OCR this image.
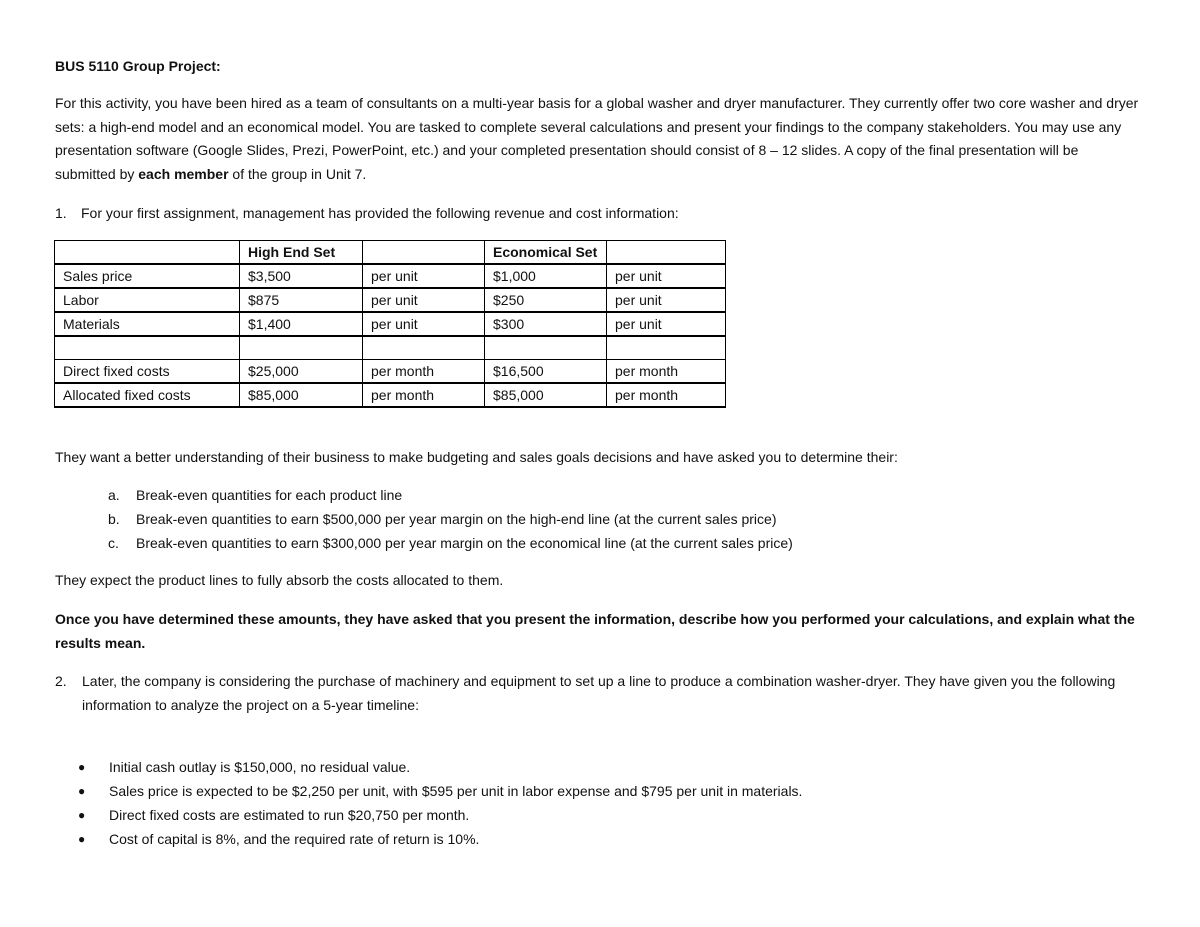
BUS 5110 Group Project:

For this activity, you have been hired as a team of consultants on a multi-year basis for a global washer and dryer manufacturer. They currently offer two core washer and dryer sets: a high-end model and an economical model. You are tasked to complete several calculations and present your findings to the company stakeholders. You may use any presentation software (Google Slides, Prezi, PowerPoint, etc.) and your completed presentation should consist of 8 – 12 slides. A copy of the final presentation will be submitted by each member of the group in Unit 7.

1. For your first assignment, management has provided the following revenue and cost information:
	High End Set		Economical Set	
Sales price	$3,500	per unit	$1,000	per unit
Labor	$875	per unit	$250	per unit
Materials	$1,400	per unit	$300	per unit

Direct fixed costs	$25,000	per month	$16,500	per month
Allocated fixed costs	$85,000	per month	$85,000	per month

They want a better understanding of their business to make budgeting and sales goals decisions and have asked you to determine their:

a. Break-even quantities for each product line
b. Break-even quantities to earn $500,000 per year margin on the high-end line (at the current sales price)
c. Break-even quantities to earn $300,000 per year margin on the economical line (at the current sales price)

They expect the product lines to fully absorb the costs allocated to them.

Once you have determined these amounts, they have asked that you present the information, describe how you performed your calculations, and explain what the results mean.

2.	Later, the company is considering the purchase of machinery and equipment to set up a line to produce a combination washer-dryer. They have given you the following information to analyze the project on a 5-year timeline:
●	Initial cash outlay is $150,000, no residual value.
●	Sales price is expected to be $2,250 per unit, with $595 per unit in labor expense and $795 per unit in materials.
●	Direct fixed costs are estimated to run $20,750 per month.
●	Cost of capital is 8%, and the required rate of return is 10%.
